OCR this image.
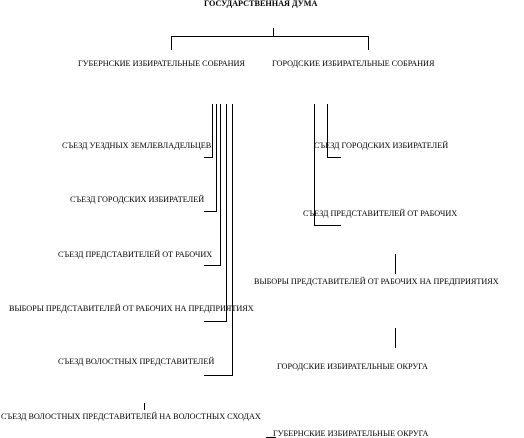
ГОСУДАРСТВЕННАЯ ДУМА
ГУБЕРНСКИЕ ИЗБИРАТЕЛЬНЫЕ СОБРАНИЯ	ГОРОДСКИЕ ИЗБИРАТЕЛЬНЫЕ СОБРАНИЯ
СЪЕЗД УЕЗДНЫХ ЗЕМЛЕВЛАДЕЛЬЦЕВ
СЪЕЗД ГОРОДСКИХ ИЗБИРАТЕЛЕЙ
СЪЕЗД ПРЕДСТАВИТЕЛЕЙ ОТ РАБОЧИХ
ВЫБОРЫ ПРЕДСТАВИТЕЛЕЙ ОТ РАБОЧИХ НА ПРЕДПРИЯТИЯХ
СЪЕЗД ВОЛОСТНЫХ ПРЕДСТАВИТЕЛЕЙ
СЪЕЗД ВОЛОСТНЫХ ПРЕДСТАВИТЕЛЕЙ НА ВОЛОСТНЫХ СХОДАХ
ГУБЕРНСКИЕ ИЗБИРАТЕЛЬНЫЕ ОКРУГА
СЪЕЗД ГОРОДСКИХ ИЗБИРАТЕЛЕЙ
СЪЕЗД ПРЕДСТАВИТЕЛЕЙ ОТ РАБОЧИХ
ВЫБОРЫ ПРЕДСТАВИТЕЛЕЙ ОТ РАБОЧИХ НА ПРЕДПРИЯТИЯХ
ГОРОДСКИЕ ИЗБИРАТЕЛЬНЫЕ ОКРУГА
